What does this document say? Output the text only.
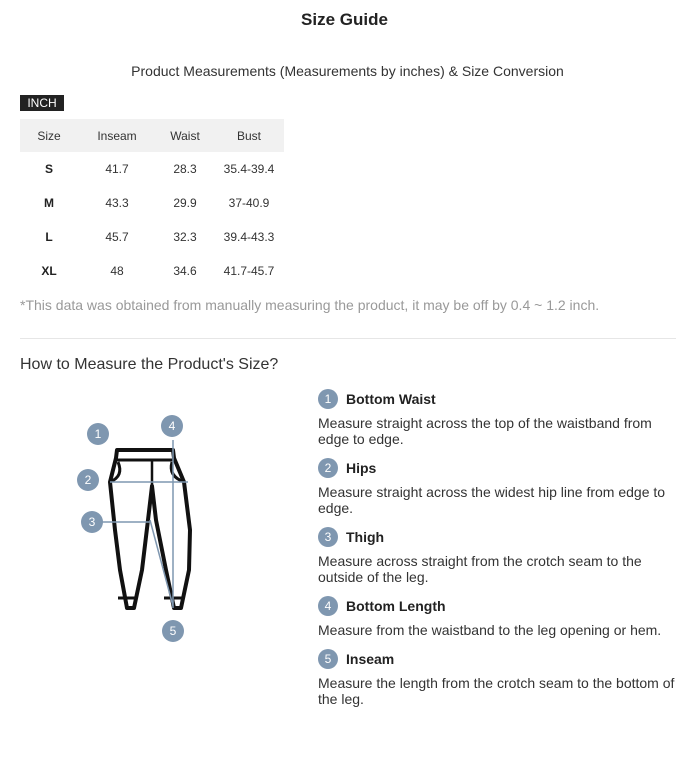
Size Guide
Product Measurements (Measurements by inches) & Size Conversion
INCH
Size	Inseam	Waist	Bust
S	41.7	28.3	35.4-39.4
M	43.3	29.9	37-40.9
L	45.7	32.3	39.4-43.3
XL	48	34.6	41.7-45.7
*This data was obtained from manually measuring the product, it may be off by 0.4 ~ 1.2 inch.
How to Measure the Product's Size?
1
2
3
4
5
1	Bottom Waist
Measure straight across the top of the waistband from edge to edge.
2	Hips
Measure straight across the widest hip line from edge to edge.
3	Thigh
Measure across straight from the crotch seam to the outside of the leg.
4	Bottom Length
Measure from the waistband to the leg opening or hem.
5	Inseam
Measure the length from the crotch seam to the bottom of the leg.
